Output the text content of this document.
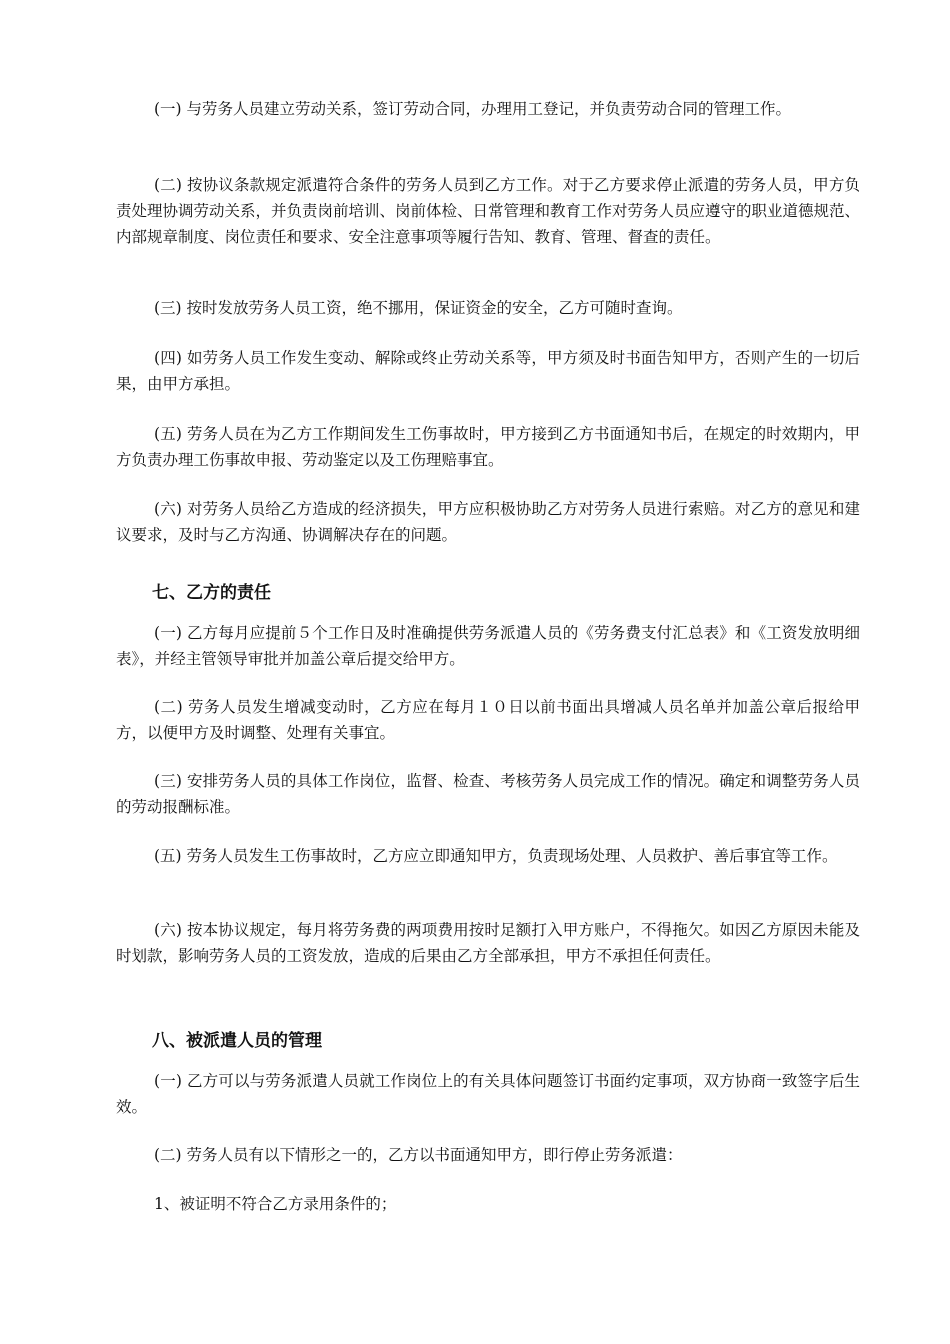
(一) 与劳务人员建立劳动关系，签订劳动合同，办理用工登记，并负责劳动合同的管理工作。

(二) 按协议条款规定派遣符合条件的劳务人员到乙方工作。对于乙方要求停止派遣的劳务人员，甲方负责处理协调劳动关系，并负责岗前培训、岗前体检、日常管理和教育工作对劳务人员应遵守的职业道德规范、内部规章制度、岗位责任和要求、安全注意事项等履行告知、教育、管理、督查的责任。

(三) 按时发放劳务人员工资，绝不挪用，保证资金的安全，乙方可随时查询。

(四) 如劳务人员工作发生变动、解除或终止劳动关系等，甲方须及时书面告知甲方，否则产生的一切后果，由甲方承担。

(五) 劳务人员在为乙方工作期间发生工伤事故时，甲方接到乙方书面通知书后，在规定的时效期内，甲方负责办理工伤事故申报、劳动鉴定以及工伤理赔事宜。

(六) 对劳务人员给乙方造成的经济损失，甲方应积极协助乙方对劳务人员进行索赔。对乙方的意见和建议要求，及时与乙方沟通、协调解决存在的问题。

七、乙方的责任

(一) 乙方每月应提前５个工作日及时准确提供劳务派遣人员的《劳务费支付汇总表》和《工资发放明细表》，并经主管领导审批并加盖公章后提交给甲方。

(二) 劳务人员发生增减变动时，乙方应在每月１０日以前书面出具增减人员名单并加盖公章后报给甲方，以便甲方及时调整、处理有关事宜。

(三) 安排劳务人员的具体工作岗位，监督、检查、考核劳务人员完成工作的情况。确定和调整劳务人员的劳动报酬标准。

(五) 劳务人员发生工伤事故时，乙方应立即通知甲方，负责现场处理、人员救护、善后事宜等工作。

(六) 按本协议规定，每月将劳务费的两项费用按时足额打入甲方账户，不得拖欠。如因乙方原因未能及时划款，影响劳务人员的工资发放，造成的后果由乙方全部承担，甲方不承担任何责任。

八、被派遣人员的管理

(一) 乙方可以与劳务派遣人员就工作岗位上的有关具体问题签订书面约定事项，双方协商一致签字后生效。

(二) 劳务人员有以下情形之一的，乙方以书面通知甲方，即行停止劳务派遣：

1、被证明不符合乙方录用条件的；
